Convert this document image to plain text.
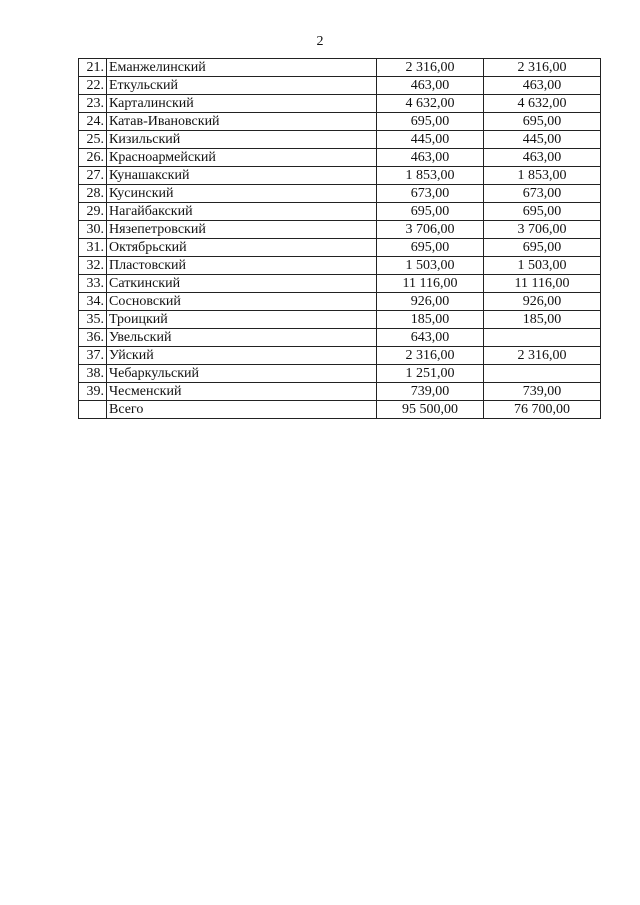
2
21.	Еманжелинский	2 316,00	2 316,00
22.	Еткульский	463,00	463,00
23.	Карталинский	4 632,00	4 632,00
24.	Катав-Ивановский	695,00	695,00
25.	Кизильский	445,00	445,00
26.	Красноармейский	463,00	463,00
27.	Кунашакский	1 853,00	1 853,00
28.	Кусинский	673,00	673,00
29.	Нагайбакский	695,00	695,00
30.	Нязепетровский	3 706,00	3 706,00
31.	Октябрьский	695,00	695,00
32.	Пластовский	1 503,00	1 503,00
33.	Саткинский	11 116,00	11 116,00
34.	Сосновский	926,00	926,00
35.	Троицкий	185,00	185,00
36.	Увельский	643,00	
37.	Уйский	2 316,00	2 316,00
38.	Чебаркульский	1 251,00	
39.	Чесменский	739,00	739,00
	Всего	95 500,00	76 700,00
